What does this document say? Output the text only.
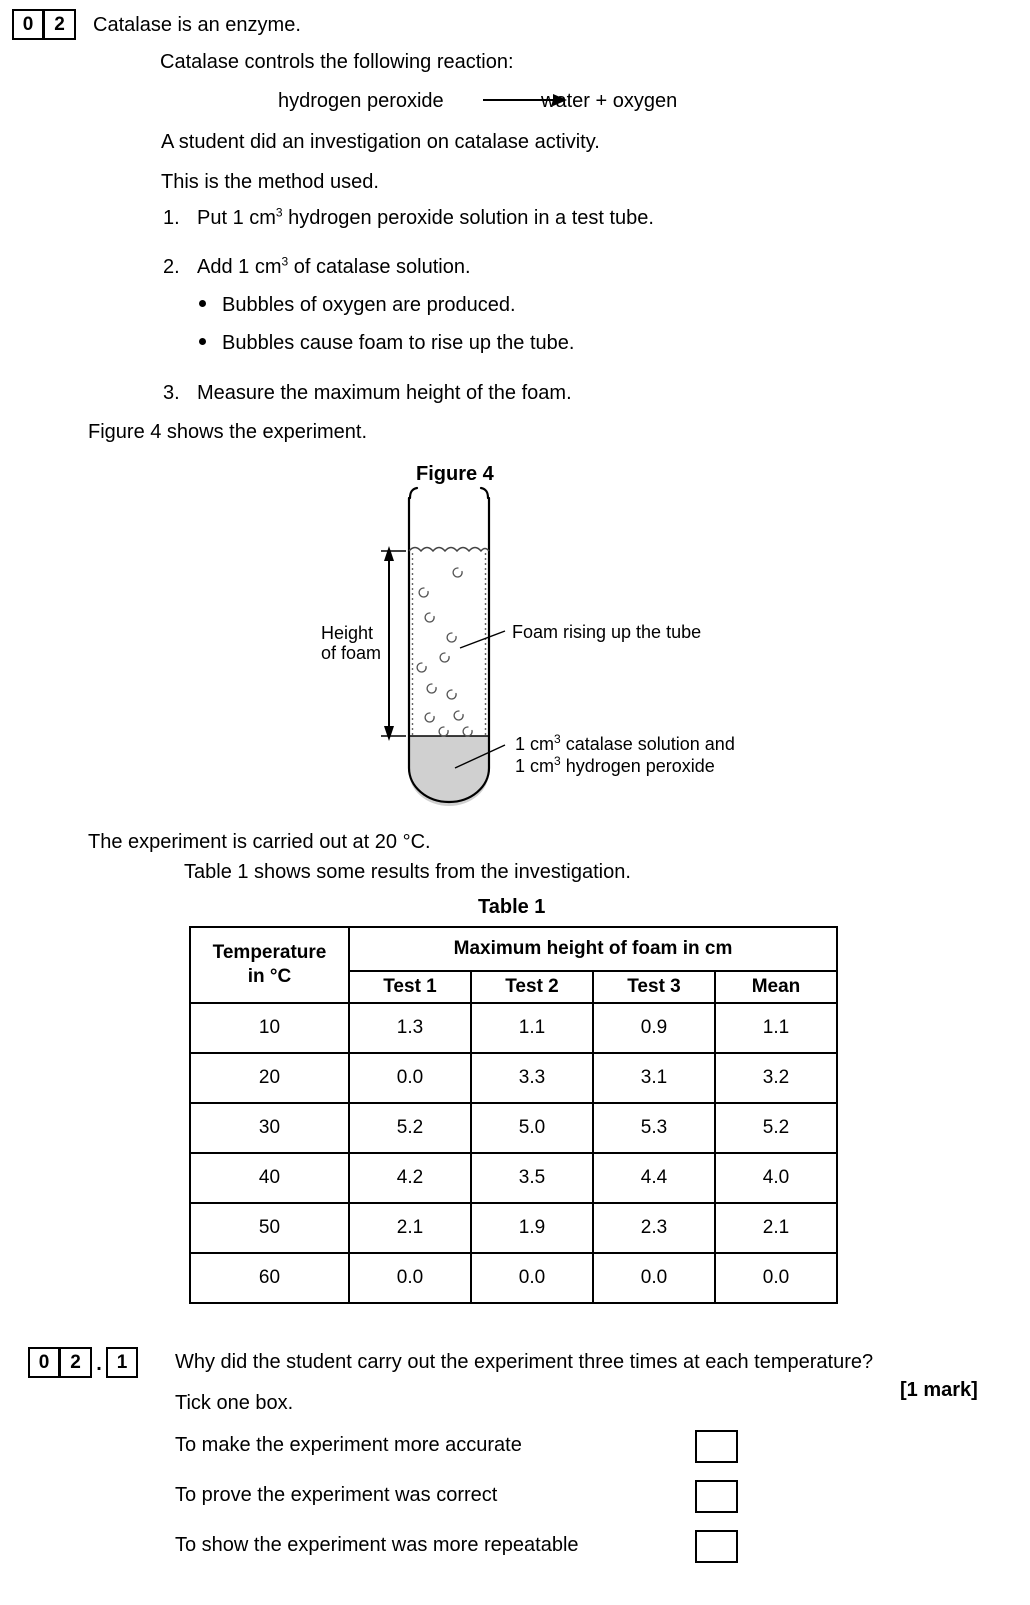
0	2	Catalase is an enzyme.
Catalase controls the following reaction:
hydrogen peroxide	water + oxygen
A student did an investigation on catalase activity.
This is the method used.
1. Put 1 $cm^3$ hydrogen peroxide solution in a test tube.
2. Add 1 $cm^3$ of catalase solution.
Bubbles of oxygen are produced.
Bubbles cause foam to rise up the tube.
3. Measure the maximum height of the foam.
Figure 4 shows the experiment.
Figure 4
Height
of foam
Foam rising up the tube
1 $cm^3$ catalase solution and
1 $cm^3$ hydrogen peroxide
The experiment is carried out at 20 °C.
Table 1 shows some results from the investigation.
Table 1
Temperature
in °C	Maximum height of foam in cm			
	Test 1	Test 2	Test 3	Mean
10	1.3	1.1	0.9	1.1
20	0.0	3.3	3.1	3.2
30	5.2	5.0	5.3	5.2
40	4.2	3.5	4.4	4.0
50	2.1	1.9	2.3	2.1
60	0.0	0.0	0.0	0.0
0	2 . 1	Why did the student carry out the experiment three times at each temperature?
[1 mark]
Tick one box.
To make the experiment more accurate
To prove the experiment was correct
To show the experiment was more repeatable
